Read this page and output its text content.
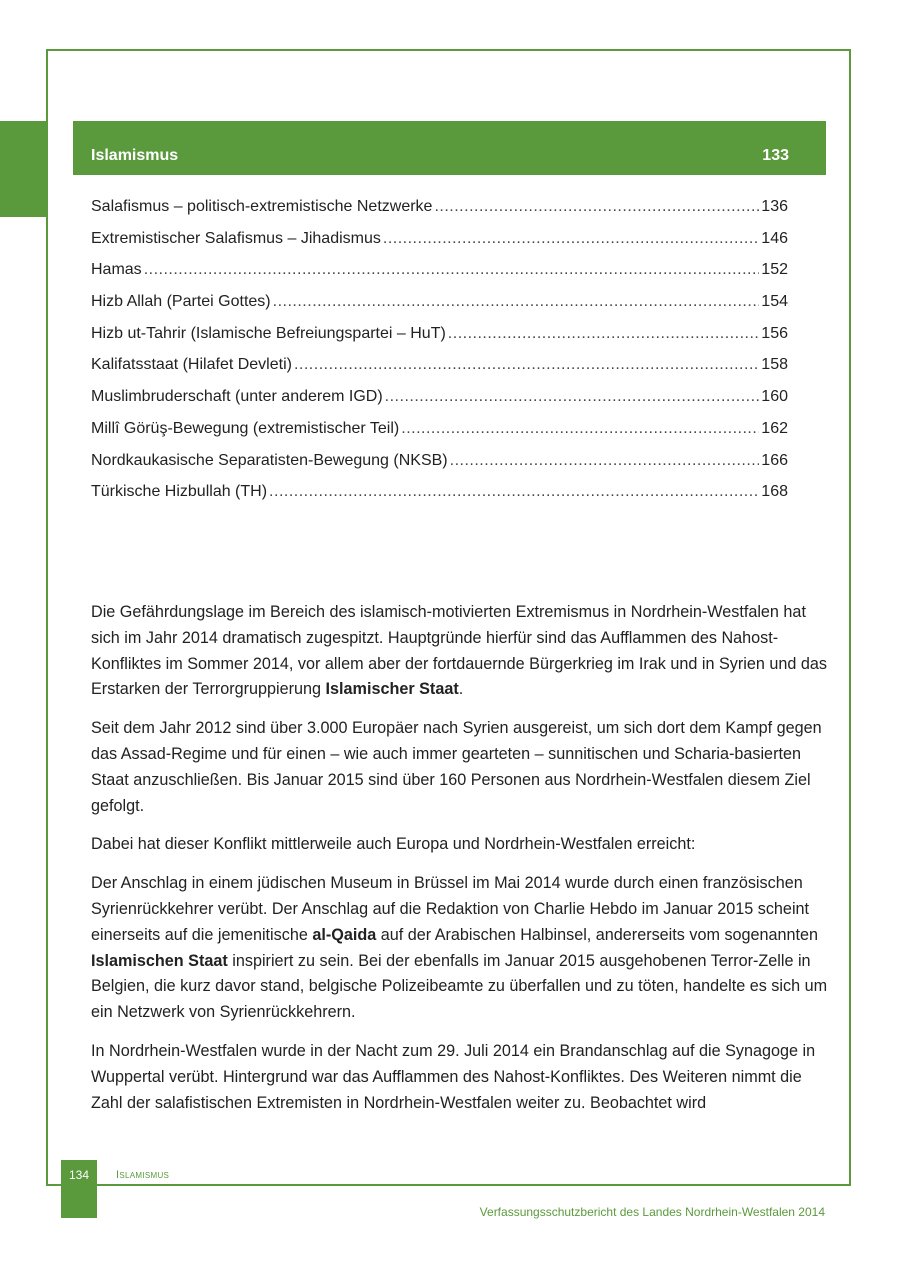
Islamismus	133
Salafismus – politisch-extremistische Netzwerke .....	136
Extremistischer Salafismus – Jihadismus .....	146
Hamas .....	152
Hizb Allah (Partei Gottes) .....	154
Hizb ut-Tahrir (Islamische Befreiungspartei – HuT) .....	156
Kalifatsstaat (Hilafet Devleti) .....	158
Muslimbruderschaft (unter anderem IGD) .....	160
Millî Görüş-Bewegung (extremistischer Teil) .....	162
Nordkaukasische Separatisten-Bewegung (NKSB) .....	166
Türkische Hizbullah (TH) .....	168

Die Gefährdungslage im Bereich des islamisch-motivierten Extremismus in Nordrhein-Westfalen hat sich im Jahr 2014 dramatisch zugespitzt. Hauptgründe hierfür sind das Aufflammen des Nahost-Konfliktes im Sommer 2014, vor allem aber der fortdauernde Bürgerkrieg im Irak und in Syrien und das Erstarken der Terrorgruppierung Islamischer Staat.

Seit dem Jahr 2012 sind über 3.000 Europäer nach Syrien ausgereist, um sich dort dem Kampf gegen das Assad-Regime und für einen – wie auch immer gearteten – sunnitischen und Scharia-basierten Staat anzuschließen. Bis Januar 2015 sind über 160 Personen aus Nordrhein-Westfalen diesem Ziel gefolgt.

Dabei hat dieser Konflikt mittlerweile auch Europa und Nordrhein-Westfalen erreicht:

Der Anschlag in einem jüdischen Museum in Brüssel im Mai 2014 wurde durch einen französischen Syrienrückkehrer verübt. Der Anschlag auf die Redaktion von Charlie Hebdo im Januar 2015 scheint einerseits auf die jemenitische al-Qaida auf der Arabischen Halbinsel, andererseits vom sogenannten Islamischen Staat inspiriert zu sein. Bei der ebenfalls im Januar 2015 ausgehobenen Terror-Zelle in Belgien, die kurz davor stand, belgische Polizeibeamte zu überfallen und zu töten, handelte es sich um ein Netzwerk von Syrienrückkehrern.

In Nordrhein-Westfalen wurde in der Nacht zum 29. Juli 2014 ein Brandanschlag auf die Synagoge in Wuppertal verübt. Hintergrund war das Aufflammen des Nahost-Konfliktes. Des Weiteren nimmt die Zahl der salafistischen Extremisten in Nordrhein-Westfalen weiter zu. Beobachtet wird

134	Islamismus
Verfassungsschutzbericht des Landes Nordrhein-Westfalen 2014
